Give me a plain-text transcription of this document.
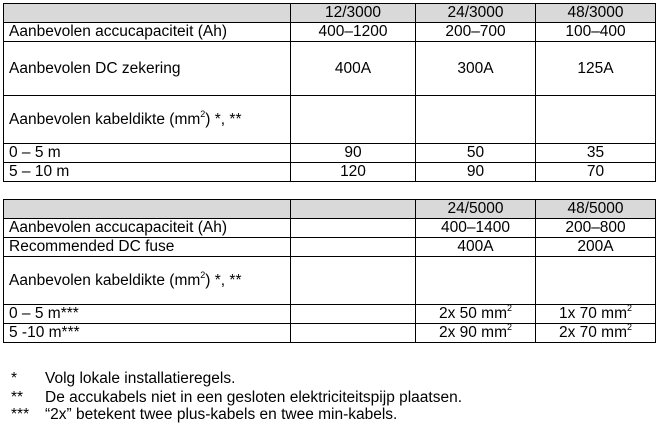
	12/3000	24/3000	48/3000
Aanbevolen accucapaciteit (Ah)	400–1200	200–700	100–400
Aanbevolen DC zekering	400A	300A	125A
Aanbevolen kabeldikte $(mm^2)$ *, **			
0 – 5 m	90	50	35
5 – 10 m	120	90	70
		24/5000	48/5000
Aanbevolen accucapaciteit (Ah)		400–1400	200–800
Recommended DC fuse		400A	200A
Aanbevolen kabeldikte $(mm^2)$ *, **			
0 – 5 m***		2x 50 $mm^2$	1x 70 $mm^2$
5 -10 m***		2x 90 $mm^2$	2x 70 $mm^2$
* Volg lokale installatieregels.
** De accukabels niet in een gesloten elektriciteitspijp plaatsen.
*** “2x” betekent twee plus-kabels en twee min-kabels.
